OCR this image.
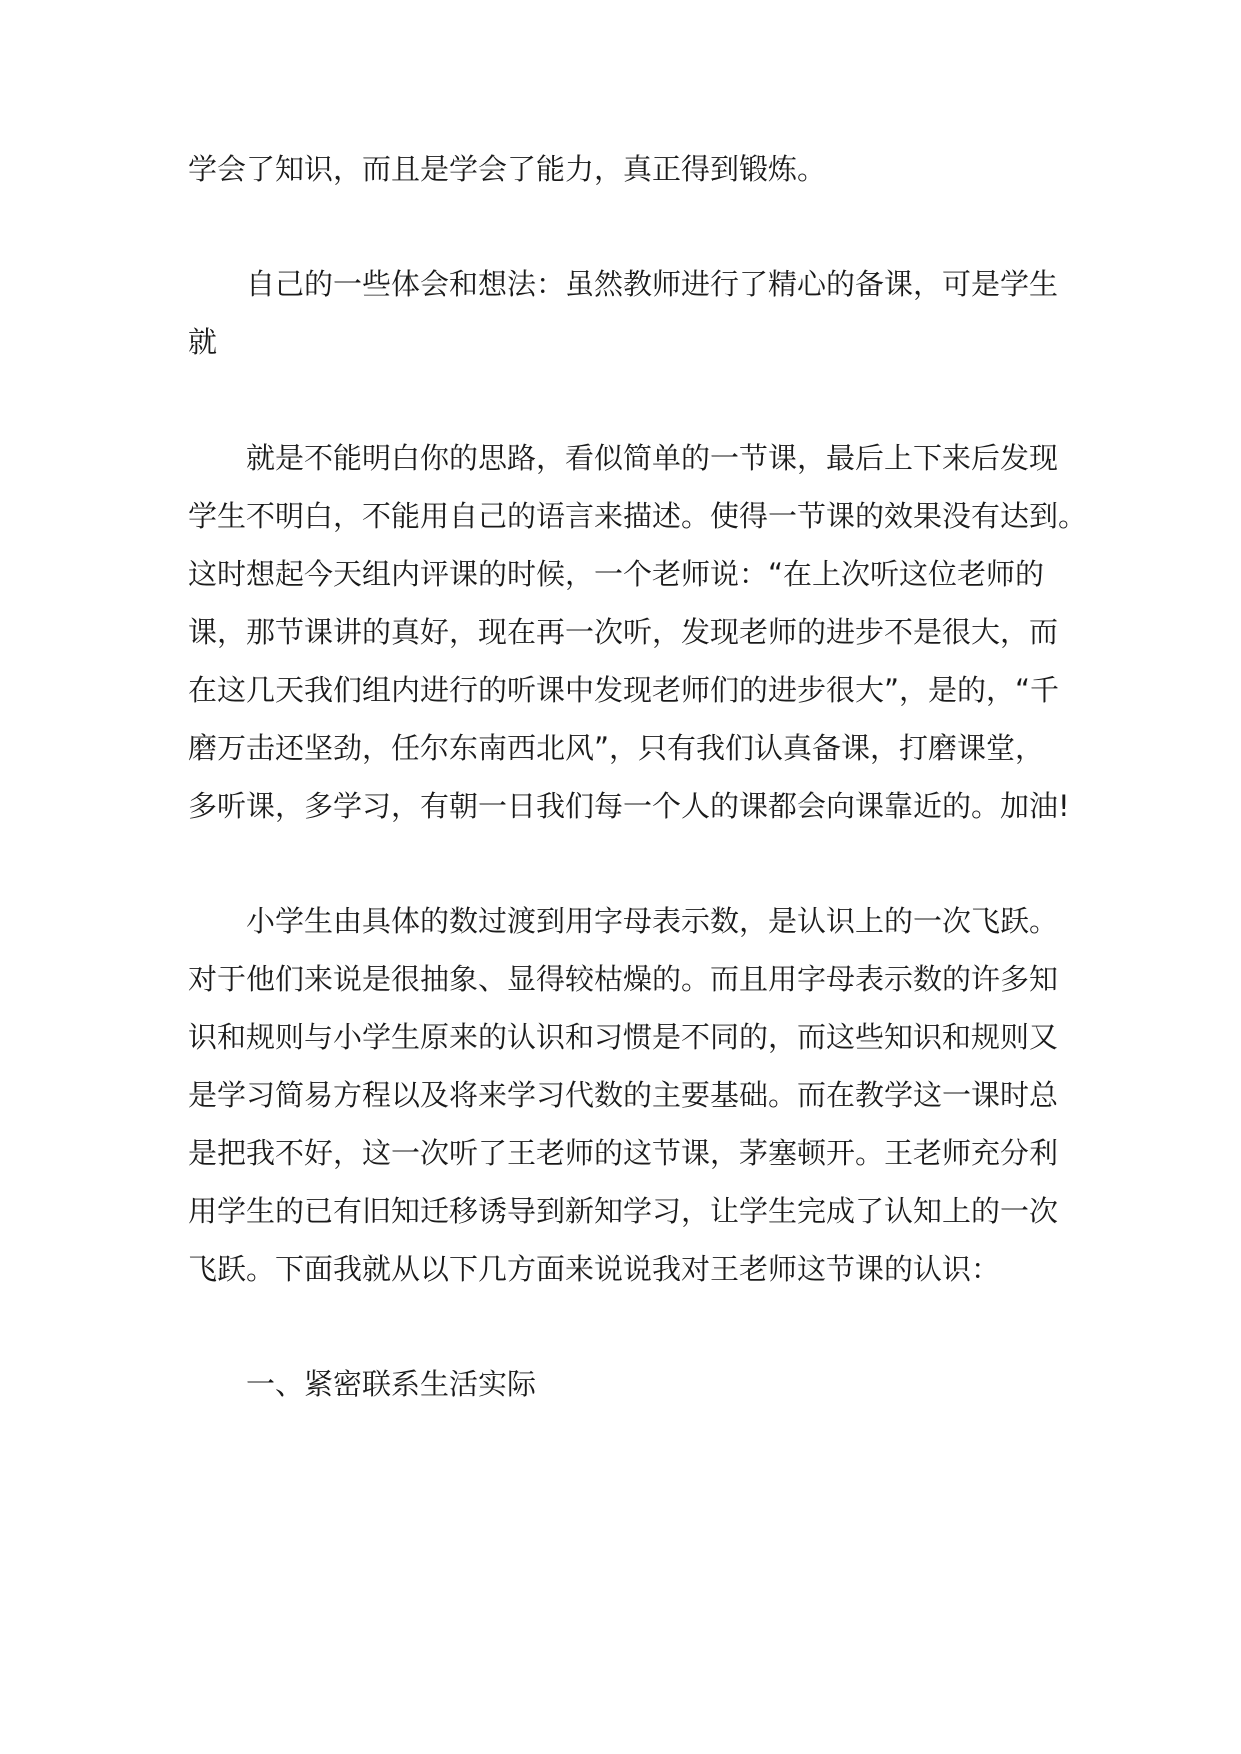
学会了知识，而且是学会了能力，真正得到锻炼。
自己的一些体会和想法：虽然教师进行了精心的备课，可是学生
就
就是不能明白你的思路，看似简单的一节课，最后上下来后发现
学生不明白，不能用自己的语言来描述。使得一节课的效果没有达到。
这时想起今天组内评课的时候，一个老师说：“在上次听这位老师的
课，那节课讲的真好，现在再一次听，发现老师的进步不是很大，而
在这几天我们组内进行的听课中发现老师们的进步很大”，是的，“千
磨万击还坚劲，任尔东南西北风”，只有我们认真备课，打磨课堂，
多听课，多学习，有朝一日我们每一个人的课都会向课靠近的。加油!
小学生由具体的数过渡到用字母表示数，是认识上的一次飞跃。
对于他们来说是很抽象、显得较枯燥的。而且用字母表示数的许多知
识和规则与小学生原来的认识和习惯是不同的，而这些知识和规则又
是学习简易方程以及将来学习代数的主要基础。而在教学这一课时总
是把我不好，这一次听了王老师的这节课，茅塞顿开。王老师充分利
用学生的已有旧知迁移诱导到新知学习，让学生完成了认知上的一次
飞跃。下面我就从以下几方面来说说我对王老师这节课的认识：
一、紧密联系生活实际
